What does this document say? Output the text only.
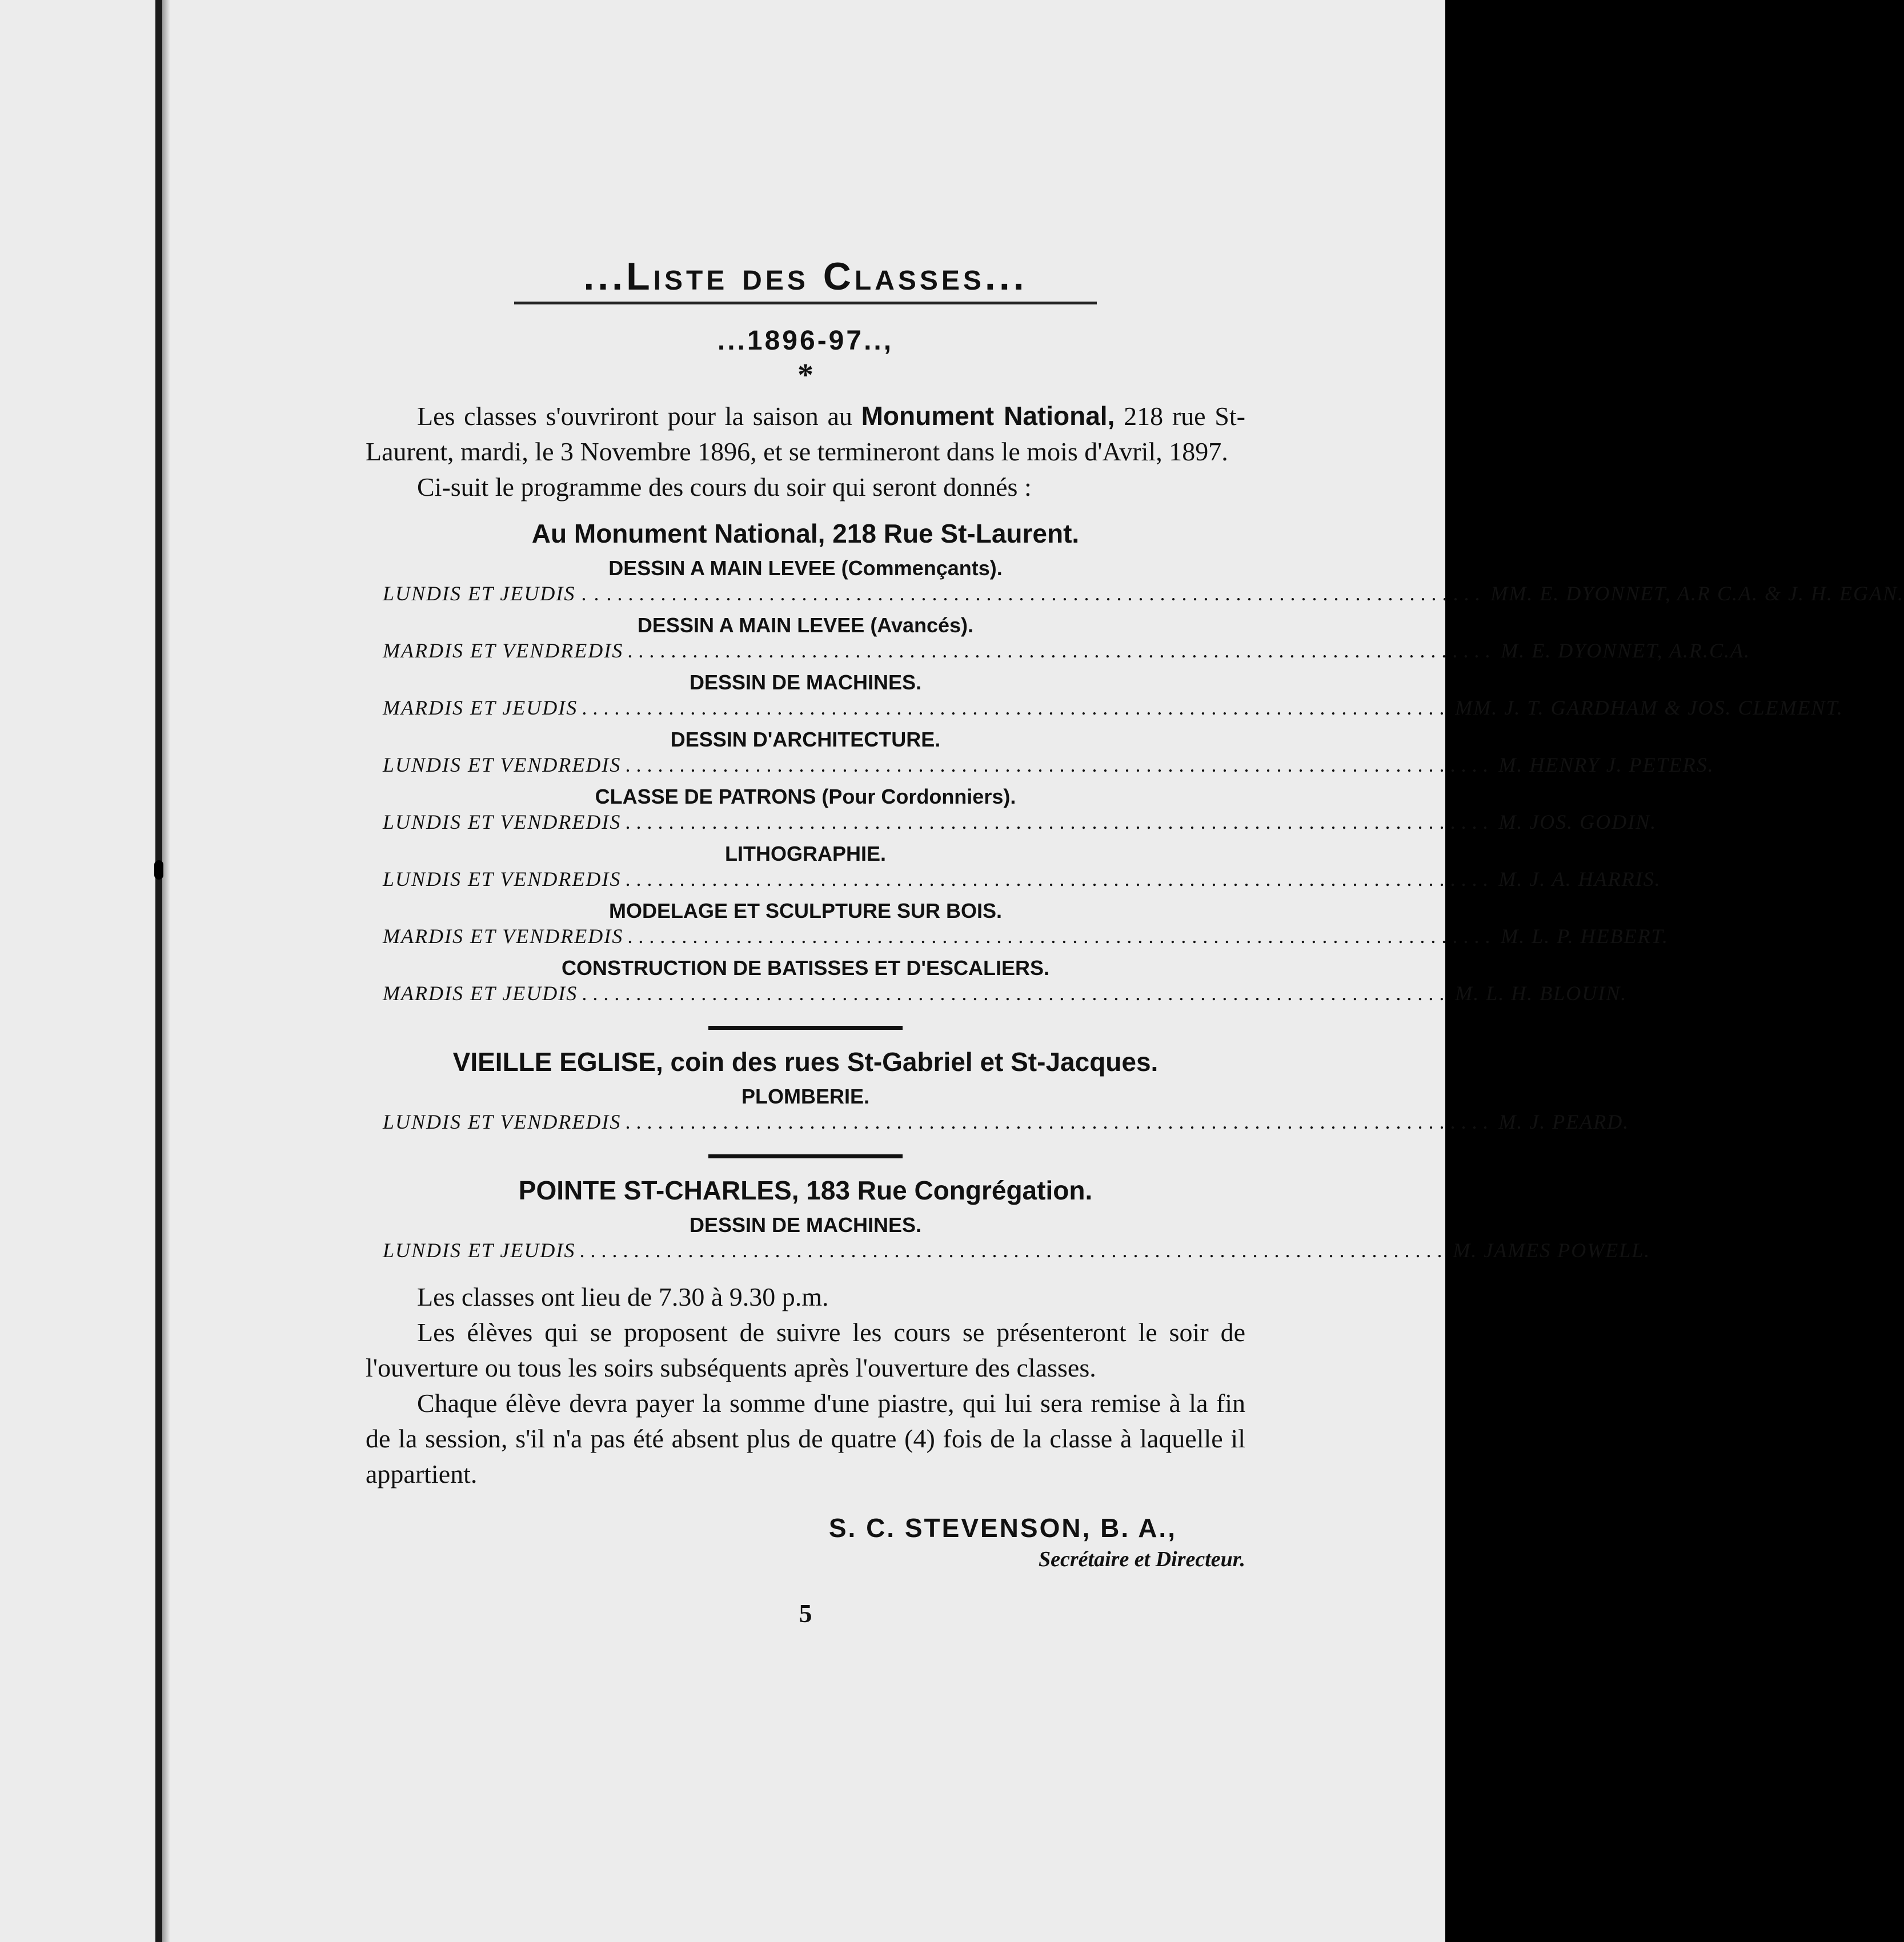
...Liste des Classes...
...1896-97..,
*

Les classes s'ouvriront pour la saison au Monument National, 218 rue St-Laurent, mardi, le 3 Novembre 1896, et se termineront dans le mois d'Avril, 1897.

Ci-suit le programme des cours du soir qui seront donnés :

Au Monument National, 218 Rue St-Laurent.
DESSIN A MAIN LEVEE (Commençants).
LUNDIS ET JEUDIS . . . ................................................................................ MM. E. DYONNET, A.R C.A. & J. H. EGAN.
DESSIN A MAIN LEVEE (Avancés).
MARDIS ET VENDREDIS ................................................................................ M. E. DYONNET, A.R.C.A.
DESSIN DE MACHINES.
MARDIS ET JEUDIS ................................................................................ MM. J. T. GARDHAM & JOS. CLEMENT.
DESSIN D'ARCHITECTURE.
LUNDIS ET VENDREDIS ................................................................................ M. HENRY J. PETERS.
CLASSE DE PATRONS (Pour Cordonniers).
LUNDIS ET VENDREDIS ................................................................................ M. JOS. GODIN.
LITHOGRAPHIE.
LUNDIS ET VENDREDIS ................................................................................ M. J. A. HARRIS.
MODELAGE ET SCULPTURE SUR BOIS.
MARDIS ET VENDREDIS ................................................................................ M. L. P. HEBERT.
CONSTRUCTION DE BATISSES ET D'ESCALIERS.
MARDIS ET JEUDIS ................................................................................ M. L. H. BLOUIN.
VIEILLE EGLISE, coin des rues St-Gabriel et St-Jacques.
PLOMBERIE.
LUNDIS ET VENDREDIS ................................................................................ M. J. PEARD.
POINTE ST-CHARLES, 183 Rue Congrégation.
DESSIN DE MACHINES.
LUNDIS ET JEUDIS ................................................................................ M. JAMES POWELL.

Les classes ont lieu de 7.30 à 9.30 p.m.

Les élèves qui se proposent de suivre les cours se présenteront le soir de l'ouverture ou tous les soirs subséquents après l'ouverture des classes.

Chaque élève devra payer la somme d'une piastre, qui lui sera remise à la fin de la session, s'il n'a pas été absent plus de quatre (4) fois de la classe à laquelle il appartient.

S. C. STEVENSON, B. A.,
Secrétaire et Directeur.
5
